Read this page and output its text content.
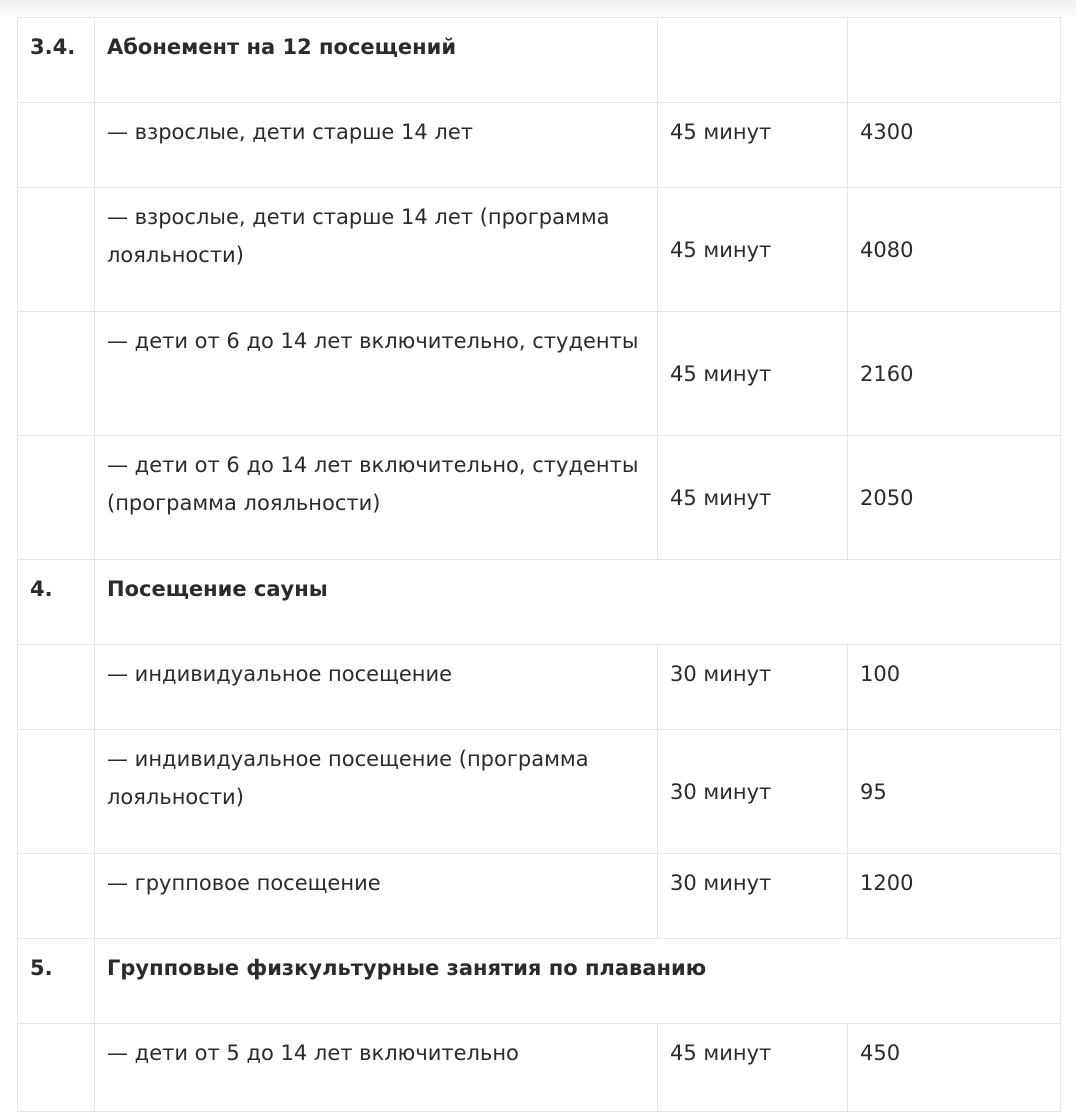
3.4.	Абонемент на 12 посещений		
	— взрослые, дети старше 14 лет	45 минут	4300
	— взрослые, дети старше 14 лет (программа лояльности)	45 минут	4080
	— дети от 6 до 14 лет включительно, студенты	45 минут	2160
	— дети от 6 до 14 лет включительно, студенты (программа лояльности)	45 минут	2050
4.	Посещение сауны		
	— индивидуальное посещение	30 минут	100
	— индивидуальное посещение (программа лояльности)	30 минут	95
	— групповое посещение	30 минут	1200
5.	Групповые физкультурные занятия по плаванию		
	— дети от 5 до 14 лет включительно	45 минут	450
